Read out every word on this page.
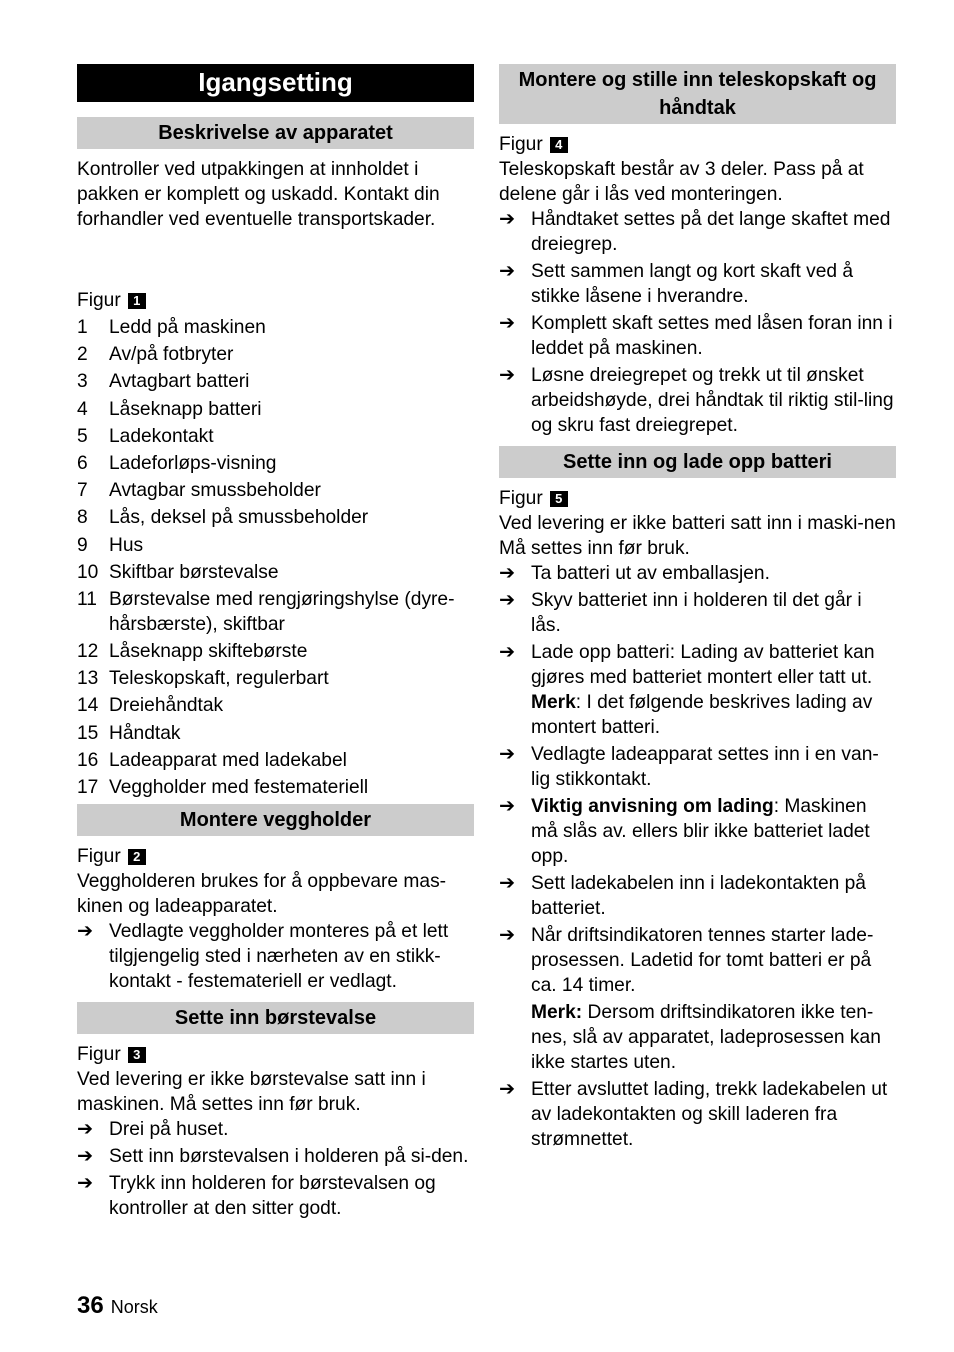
Igangsetting
Beskrivelse av apparatet

Kontroller ved utpakkingen at innholdet i pakken er komplett og uskadd. Kontakt din forhandler ved eventuelle transportskader.

Figur 1
1	Ledd på maskinen
2	Av/på fotbryter
3	Avtagbart batteri
4	Låseknapp batteri
5	Ladekontakt
6	Ladeforløps-visning
7	Avtagbar smussbeholder
8	Lås, deksel på smussbeholder
9	Hus
10 Skiftbar børstevalse
11 Børstevalse med rengjøringshylse (dyre-hårsbærste), skiftbar
12 Låseknapp skiftebørste
13 Teleskopskaft, regulerbart
14 Dreiehåndtak
15 Håndtak
16 Ladeapparat med ladekabel
17 Veggholder med festemateriell
Montere veggholder
Figur 2

Veggholderen brukes for å oppbevare mas-kinen og ladeapparatet.

➔ Vedlagte veggholder monteres på et lett tilgjengelig sted i nærheten av en stikk-kontakt - festemateriell er vedlagt.
Sette inn børstevalse
Figur 3

Ved levering er ikke børstevalse satt inn i maskinen. Må settes inn før bruk.

➔ Drei på huset.
➔ Sett inn børstevalsen i holderen på si-den.
➔ Trykk inn holderen for børstevalsen og kontroller at den sitter godt.
Montere og stille inn teleskopskaft og håndtak
Figur 4

Teleskopskaft består av 3 deler. Pass på at delene går i lås ved monteringen.

➔ Håndtaket settes på det lange skaftet med dreiegrep.
➔ Sett sammen langt og kort skaft ved å stikke låsene i hverandre.
➔ Komplett skaft settes med låsen foran inn i leddet på maskinen.
➔ Løsne dreiegrepet og trekk ut til ønsket arbeidshøyde, drei håndtak til riktig stil-ling og skru fast dreiegrepet.
Sette inn og lade opp batteri
Figur 5

Ved levering er ikke batteri satt inn i maski-nen Må settes inn før bruk.

➔ Ta batteri ut av emballasjen.
➔ Skyv batteriet inn i holderen til det går i lås.
➔ Lade opp batteri: Lading av batteriet kan gjøres med batteriet montert eller tatt ut. Merk: I det følgende beskrives lading av montert batteri.
➔ Vedlagte ladeapparat settes inn i en van-lig stikkontakt.
➔ Viktig anvisning om lading: Maskinen må slås av. ellers blir ikke batteriet ladet opp.
➔ Sett ladekabelen inn i ladekontakten på batteriet.
➔ Når driftsindikatoren tennes starter lade-prosessen. Ladetid for tomt batteri er på ca. 14 timer.
Merk: Dersom driftsindikatoren ikke ten-nes, slå av apparatet, ladeprosessen kan ikke startes uten.
➔ Etter avsluttet lading, trekk ladekabelen ut av ladekontakten og skill laderen fra strømnettet.
36 Norsk
